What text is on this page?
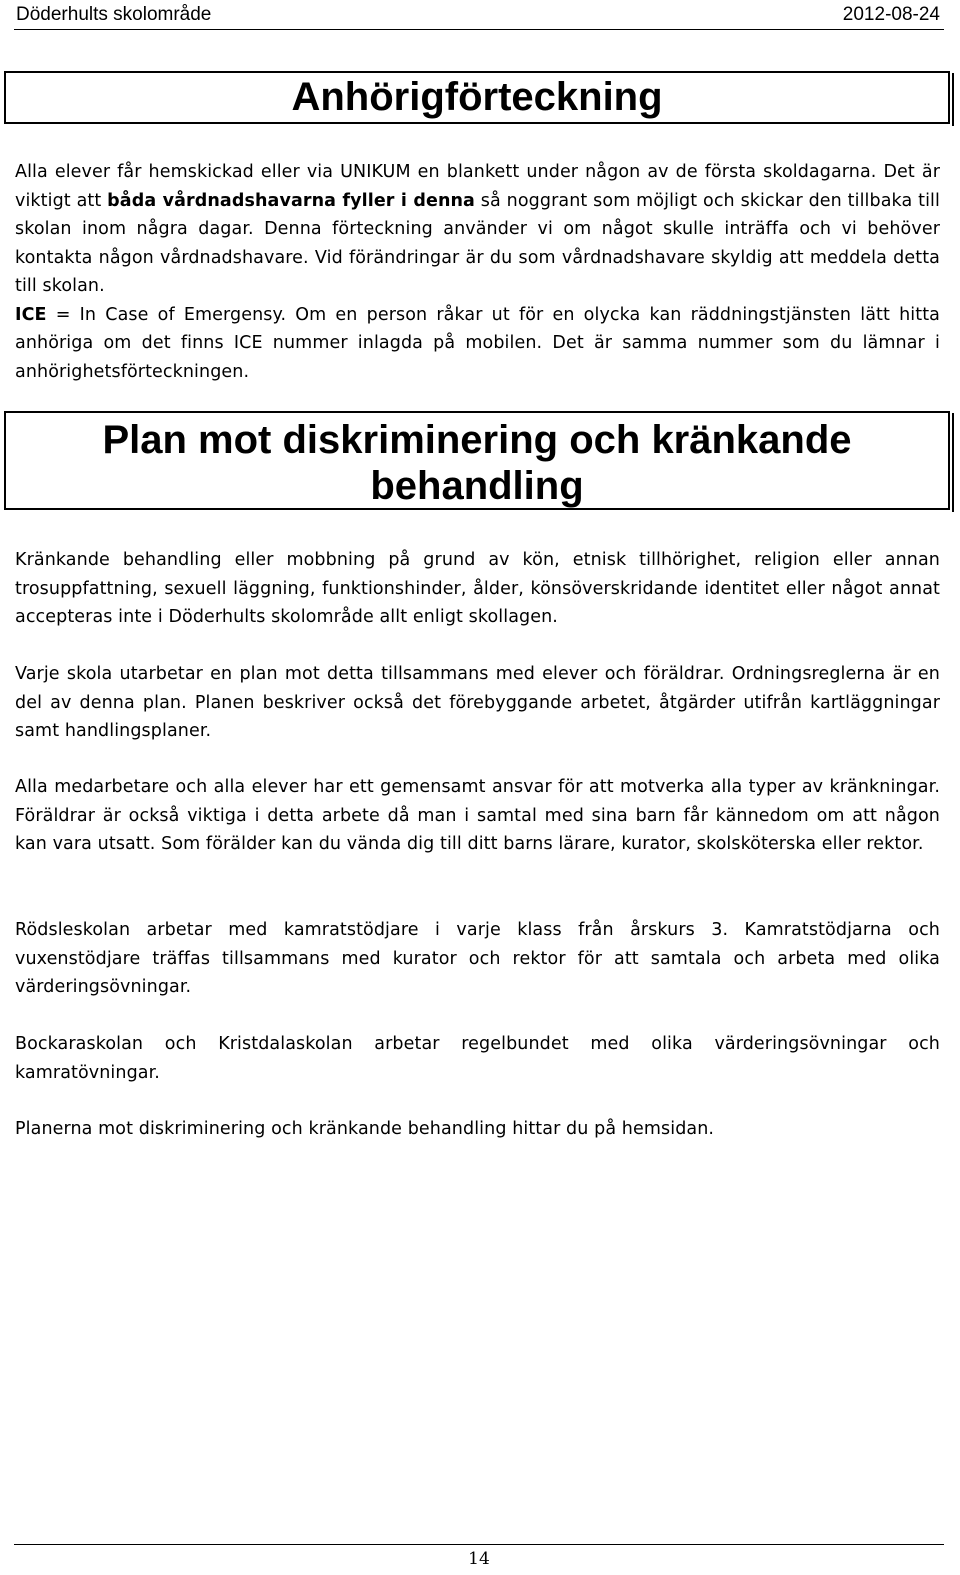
Döderhults skolområde	2012-08-24
Anhörigförteckning
Alla elever får hemskickad eller via UNIKUM en blankett under någon av de första skoldagarna. Det är viktigt att båda vårdnadshavarna fyller i denna så noggrant som möjligt och skickar den tillbaka till skolan inom några dagar. Denna förteckning använder vi om något skulle inträffa och vi behöver kontakta någon vårdnadshavare. Vid förändringar är du som vårdnadshavare skyldig att meddela detta till skolan.
ICE = In Case of Emergensy. Om en person råkar ut för en olycka kan räddningstjänsten lätt hitta anhöriga om det finns ICE nummer inlagda på mobilen. Det är samma nummer som du lämnar i anhörighetsförteckningen.
Plan mot diskriminering och kränkande behandling
Kränkande behandling eller mobbning på grund av kön, etnisk tillhörighet, religion eller annan trosuppfattning, sexuell läggning, funktionshinder, ålder, könsöverskridande identitet eller något annat accepteras inte i Döderhults skolområde allt enligt skollagen.
Varje skola utarbetar en plan mot detta tillsammans med elever och föräldrar. Ordningsreglerna är en del av denna plan. Planen beskriver också det förebyggande arbetet, åtgärder utifrån kartläggningar samt handlingsplaner.
Alla medarbetare och alla elever har ett gemensamt ansvar för att motverka alla typer av kränkningar. Föräldrar är också viktiga i detta arbete då man i samtal med sina barn får kännedom om att någon kan vara utsatt. Som förälder kan du vända dig till ditt barns lärare, kurator, skolsköterska eller rektor.
Rödsleskolan arbetar med kamratstödjare i varje klass från årskurs 3. Kamratstödjarna och vuxenstödjare träffas tillsammans med kurator och rektor för att samtala och arbeta med olika värderingsövningar.
Bockaraskolan och Kristdalaskolan arbetar regelbundet med olika värderingsövningar och kamratövningar.
Planerna mot diskriminering och kränkande behandling hittar du på hemsidan.
14
